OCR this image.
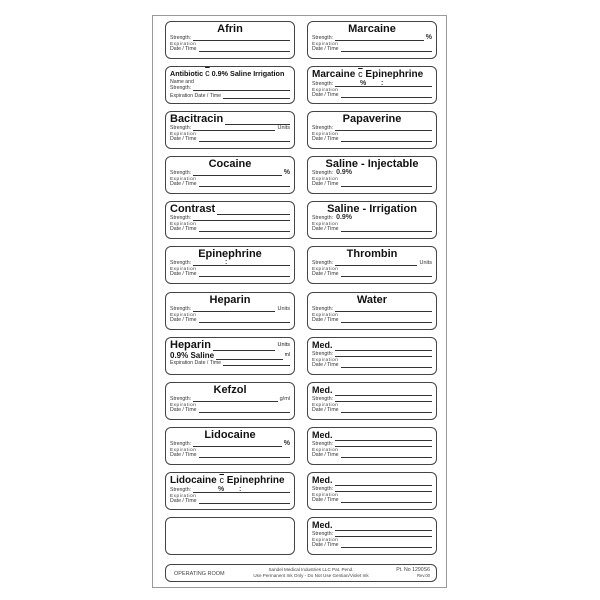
Afrin
Strength:
Expiration
Date / Time
Antibiotic $\overline{c}$ 0.9% Saline Irrigation
Name and
Strength:
Expiration Date / Time
Bacitracin
Strength:	Units
Expiration
Date / Time
Cocaine
Strength:	%
Expiration
Date / Time
Contrast
Strength:
Expiration
Date / Time
Epinephrine
Strength:	:
Expiration
Date / Time
Heparin
Strength:	Units
Expiration
Date / Time
Heparin	Units
0.9% Saline	ml
Expiration Date / Time
Kefzol
Strength:	g/ml
Expiration
Date / Time
Lidocaine
Strength:	%
Expiration
Date / Time
Lidocaine $\overline{c}$ Epinephrine
Strength:	% :
Expiration
Date / Time
Marcaine
Strength:	%
Expiration
Date / Time
Marcaine $\overline{c}$ Epinephrine
Strength:	% :
Expiration
Date / Time
Papaverine
Strength:
Expiration
Date / Time
Saline - Injectable
Strength: 0.9%
Expiration
Date / Time
Saline - Irrigation
Strength: 0.9%
Expiration
Date / Time
Thrombin
Strength:	Units
Expiration
Date / Time
Water
Strength:
Expiration
Date / Time
Med.
Strength:
Expiration
Date / Time
Med.
Strength:
Expiration
Date / Time
Med.
Strength:
Expiration
Date / Time
Med.
Strength:
Expiration
Date / Time
Med.
Strength:
Expiration
Date / Time
OPERATING ROOM
Sandel Medical Industries LLC Pat. Pend.
Use Permanent Ink Only - Do Not Use Gentian/Violet Ink
Pt. No 1290S6
Rev.00
